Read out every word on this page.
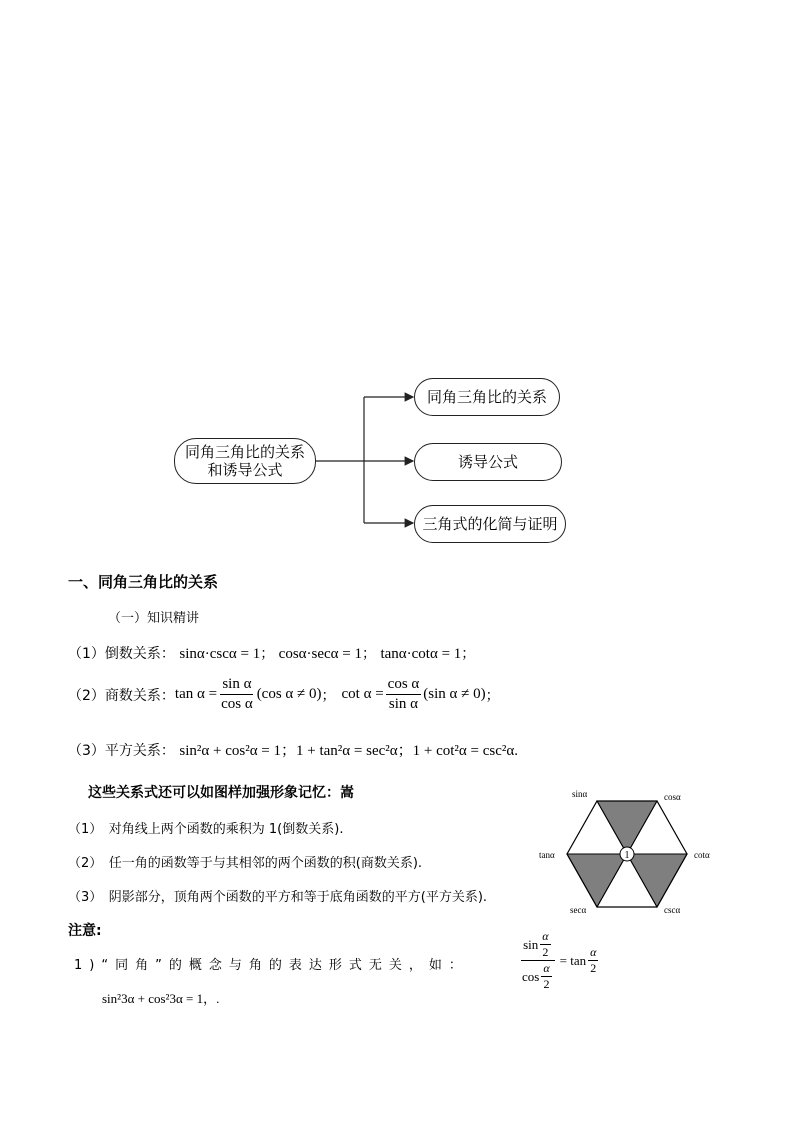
同角三角比的关系
和诱导公式
同角三角比的关系
诱导公式
三角式的化简与证明
一、同角三角比的关系
（一）知识精讲
（1）倒数关系： sinα·cscα = 1； cosα·secα = 1； tanα·cotα = 1；
（2）商数关系： $\tan \alpha = \frac{\text{sin α}}{\text{cos α}} (\cos$ α ≠ 0) ； $\cot \alpha = \frac{\text{cos α}}{\text{sin α}} (\sin$ α ≠ 0) ；
（3）平方关系： sin²α + cos²α = 1；1 + tan²α = sec²α；1 + cot²α = csc²α.
这些关系式还可以如图样加强形象记忆：嵩
（1）　对角线上两个函数的乘积为 1(倒数关系).
（2）　任一角的函数等于与其相邻的两个函数的积(商数关系).
（3）　阴影部分，顶角两个函数的平方和等于底角函数的平方(平方关系).
1
sinα	cosα
tanα	cotα
secα	cscα
注意:
1)“同角”的概念与角的表达形式无关，如：	$\frac{\sin \frac{\alpha}{2}}{\cos \frac{\alpha}{2}} = \tan \frac{\alpha}{2}$
sin²3α + cos²3α = 1，.
